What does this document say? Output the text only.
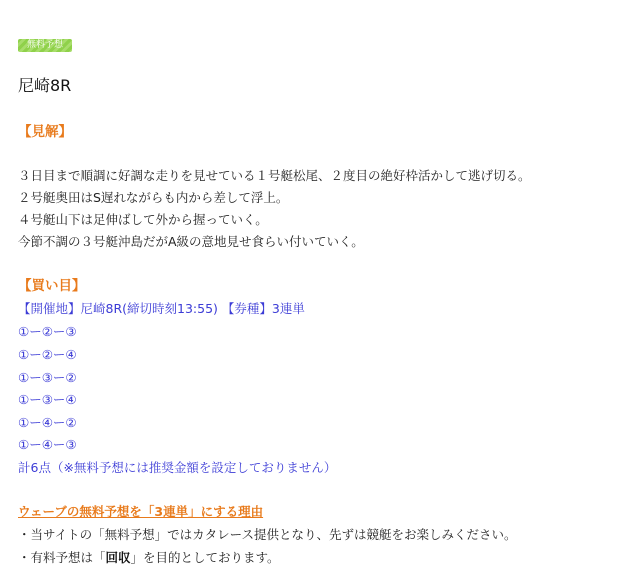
無料予想
尼崎8R
【見解】
３日目まで順調に好調な走りを見せている１号艇松尾、２度目の絶好枠活かして逃げ切る。
２号艇奥田はS遅れながらも内から差して浮上。
４号艇山下は足伸ばして外から握っていく。
今節不調の３号艇沖島だがA級の意地見せ食らい付いていく。
【買い目】
【開催地】尼崎8R(締切時刻13:55) 【券種】3連単
①ー②ー③
①ー②ー④
①ー③ー②
①ー③ー④
①ー④ー②
①ー④ー③
計6点（※無料予想には推奨金額を設定しておりません）
ウェーブの無料予想を「3連単」にする理由
・当サイトの「無料予想」ではカタレース提供となり、先ずは競艇をお楽しみください。
・有料予想は「回収」を目的としております。
